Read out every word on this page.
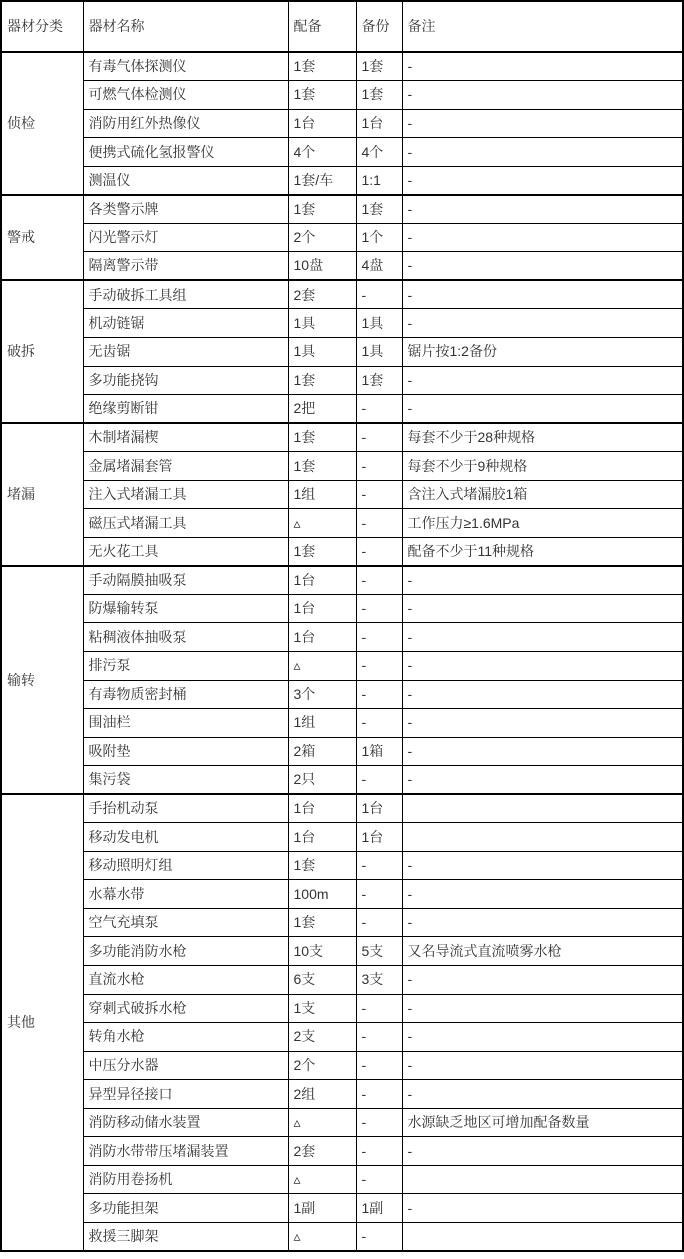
器材分类	器材名称	配备	备份	备注
侦检	有毒气体探测仪	1套	1套	-
	可燃气体检测仪	1套	1套	-
	消防用红外热像仪	1台	1台	-
	便携式硫化氢报警仪	4个	4个	-
	测温仪	1套/车	1:1	-
警戒	各类警示牌	1套	1套	-
	闪光警示灯	2个	1个	-
	隔离警示带	10盘	4盘	-
破拆	手动破拆工具组	2套	-	-
	机动链锯	1具	1具	-
	无齿锯	1具	1具	锯片按1:2备份
	多功能挠钩	1套	1套	-
	绝缘剪断钳	2把	-	-
堵漏	木制堵漏楔	1套	-	每套不少于28种规格
	金属堵漏套管	1套	-	每套不少于9种规格
	注入式堵漏工具	1组	-	含注入式堵漏胶1箱
	磁压式堵漏工具	▵	-	工作压力≥1.6MPa
	无火花工具	1套	-	配备不少于11种规格
输转	手动隔膜抽吸泵	1台	-	-
	防爆输转泵	1台	-	-
	粘稠液体抽吸泵	1台	-	-
	排污泵	▵	-	-
	有毒物质密封桶	3个	-	-
	围油栏	1组	-	-
	吸附垫	2箱	1箱	-
	集污袋	2只	-	-
其他	手抬机动泵	1台	1台	
	移动发电机	1台	1台	
	移动照明灯组	1套	-	-
	水幕水带	100m	-	-
	空气充填泵	1套	-	-
	多功能消防水枪	10支	5支	又名导流式直流喷雾水枪
	直流水枪	6支	3支	-
	穿刺式破拆水枪	1支	-	-
	转角水枪	2支	-	-
	中压分水器	2个	-	-
	异型异径接口	2组	-	-
	消防移动储水装置	▵	-	水源缺乏地区可增加配备数量
	消防水带带压堵漏装置	2套	-	-
	消防用卷扬机	▵	-	
	多功能担架	1副	1副	-
	救援三脚架	▵	-	
